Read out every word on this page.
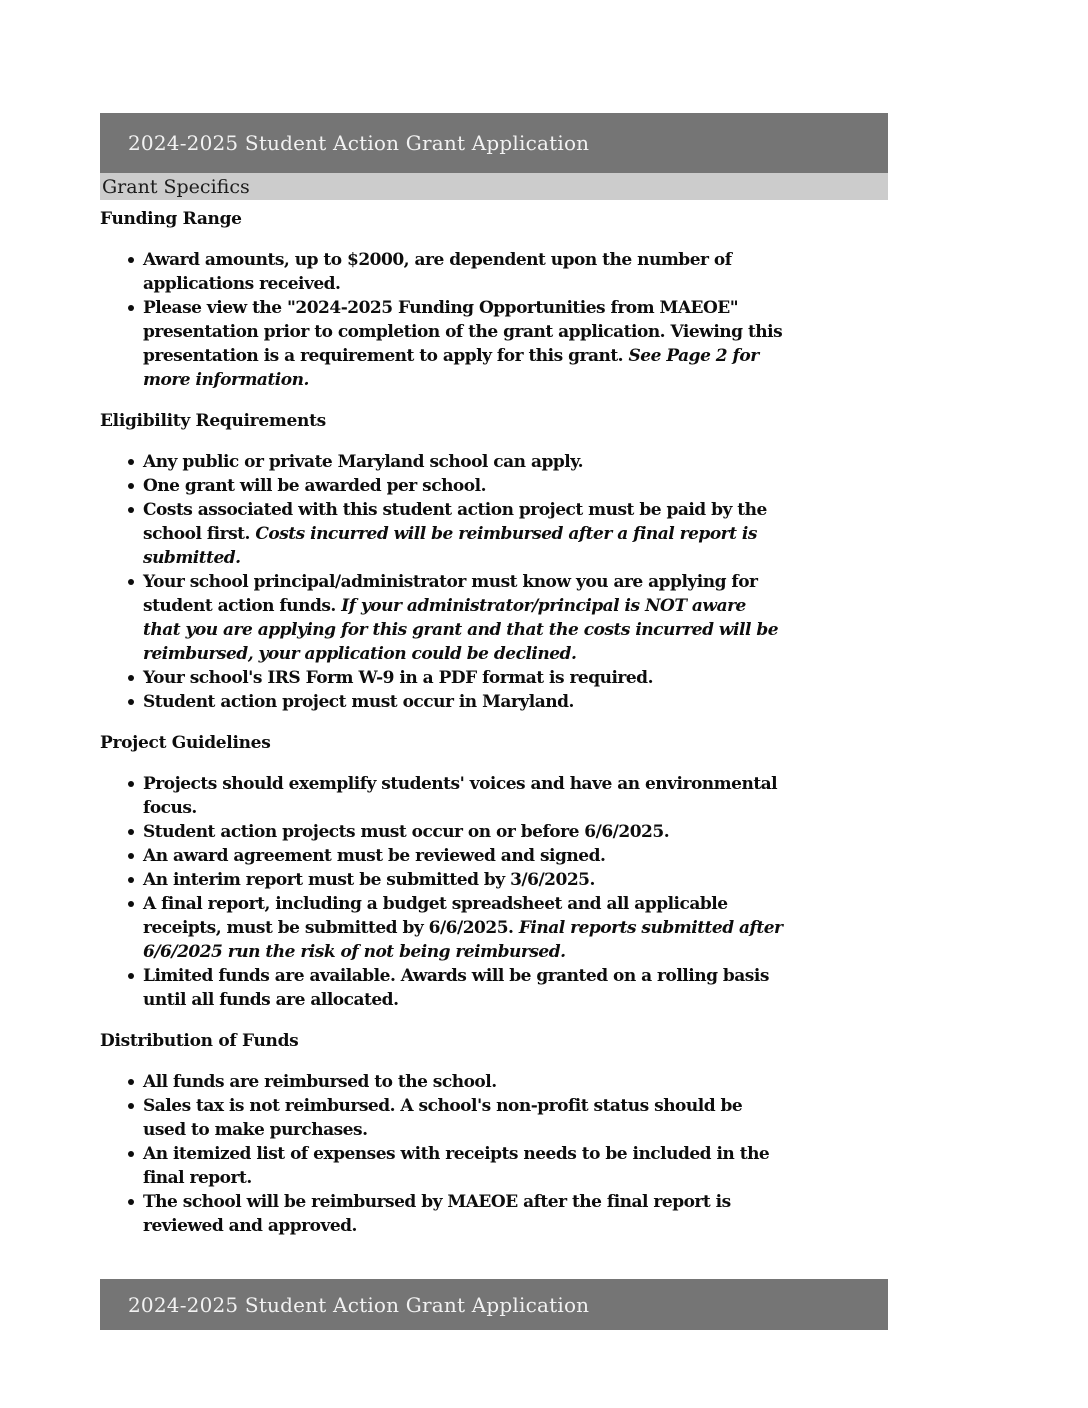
2024-2025 Student Action Grant Application
Grant Specifics
Funding Range
Award amounts, up to $2000, are dependent upon the number of applications received.
Please view the "2024-2025 Funding Opportunities from MAEOE" presentation prior to completion of the grant application. Viewing this presentation is a requirement to apply for this grant. See Page 2 for more information.
Eligibility Requirements
Any public or private Maryland school can apply.
One grant will be awarded per school.
Costs associated with this student action project must be paid by the school first. Costs incurred will be reimbursed after a final report is submitted.
Your school principal/administrator must know you are applying for student action funds. If your administrator/principal is NOT aware that you are applying for this grant and that the costs incurred will be reimbursed, your application could be declined.
Your school's IRS Form W-9 in a PDF format is required.
Student action project must occur in Maryland.
Project Guidelines
Projects should exemplify students' voices and have an environmental focus.
Student action projects must occur on or before 6/6/2025.
An award agreement must be reviewed and signed.
An interim report must be submitted by 3/6/2025.
A final report, including a budget spreadsheet and all applicable receipts, must be submitted by 6/6/2025. Final reports submitted after 6/6/2025 run the risk of not being reimbursed.
Limited funds are available. Awards will be granted on a rolling basis until all funds are allocated.
Distribution of Funds
All funds are reimbursed to the school.
Sales tax is not reimbursed. A school's non-profit status should be used to make purchases.
An itemized list of expenses with receipts needs to be included in the final report.
The school will be reimbursed by MAEOE after the final report is reviewed and approved.
2024-2025 Student Action Grant Application
